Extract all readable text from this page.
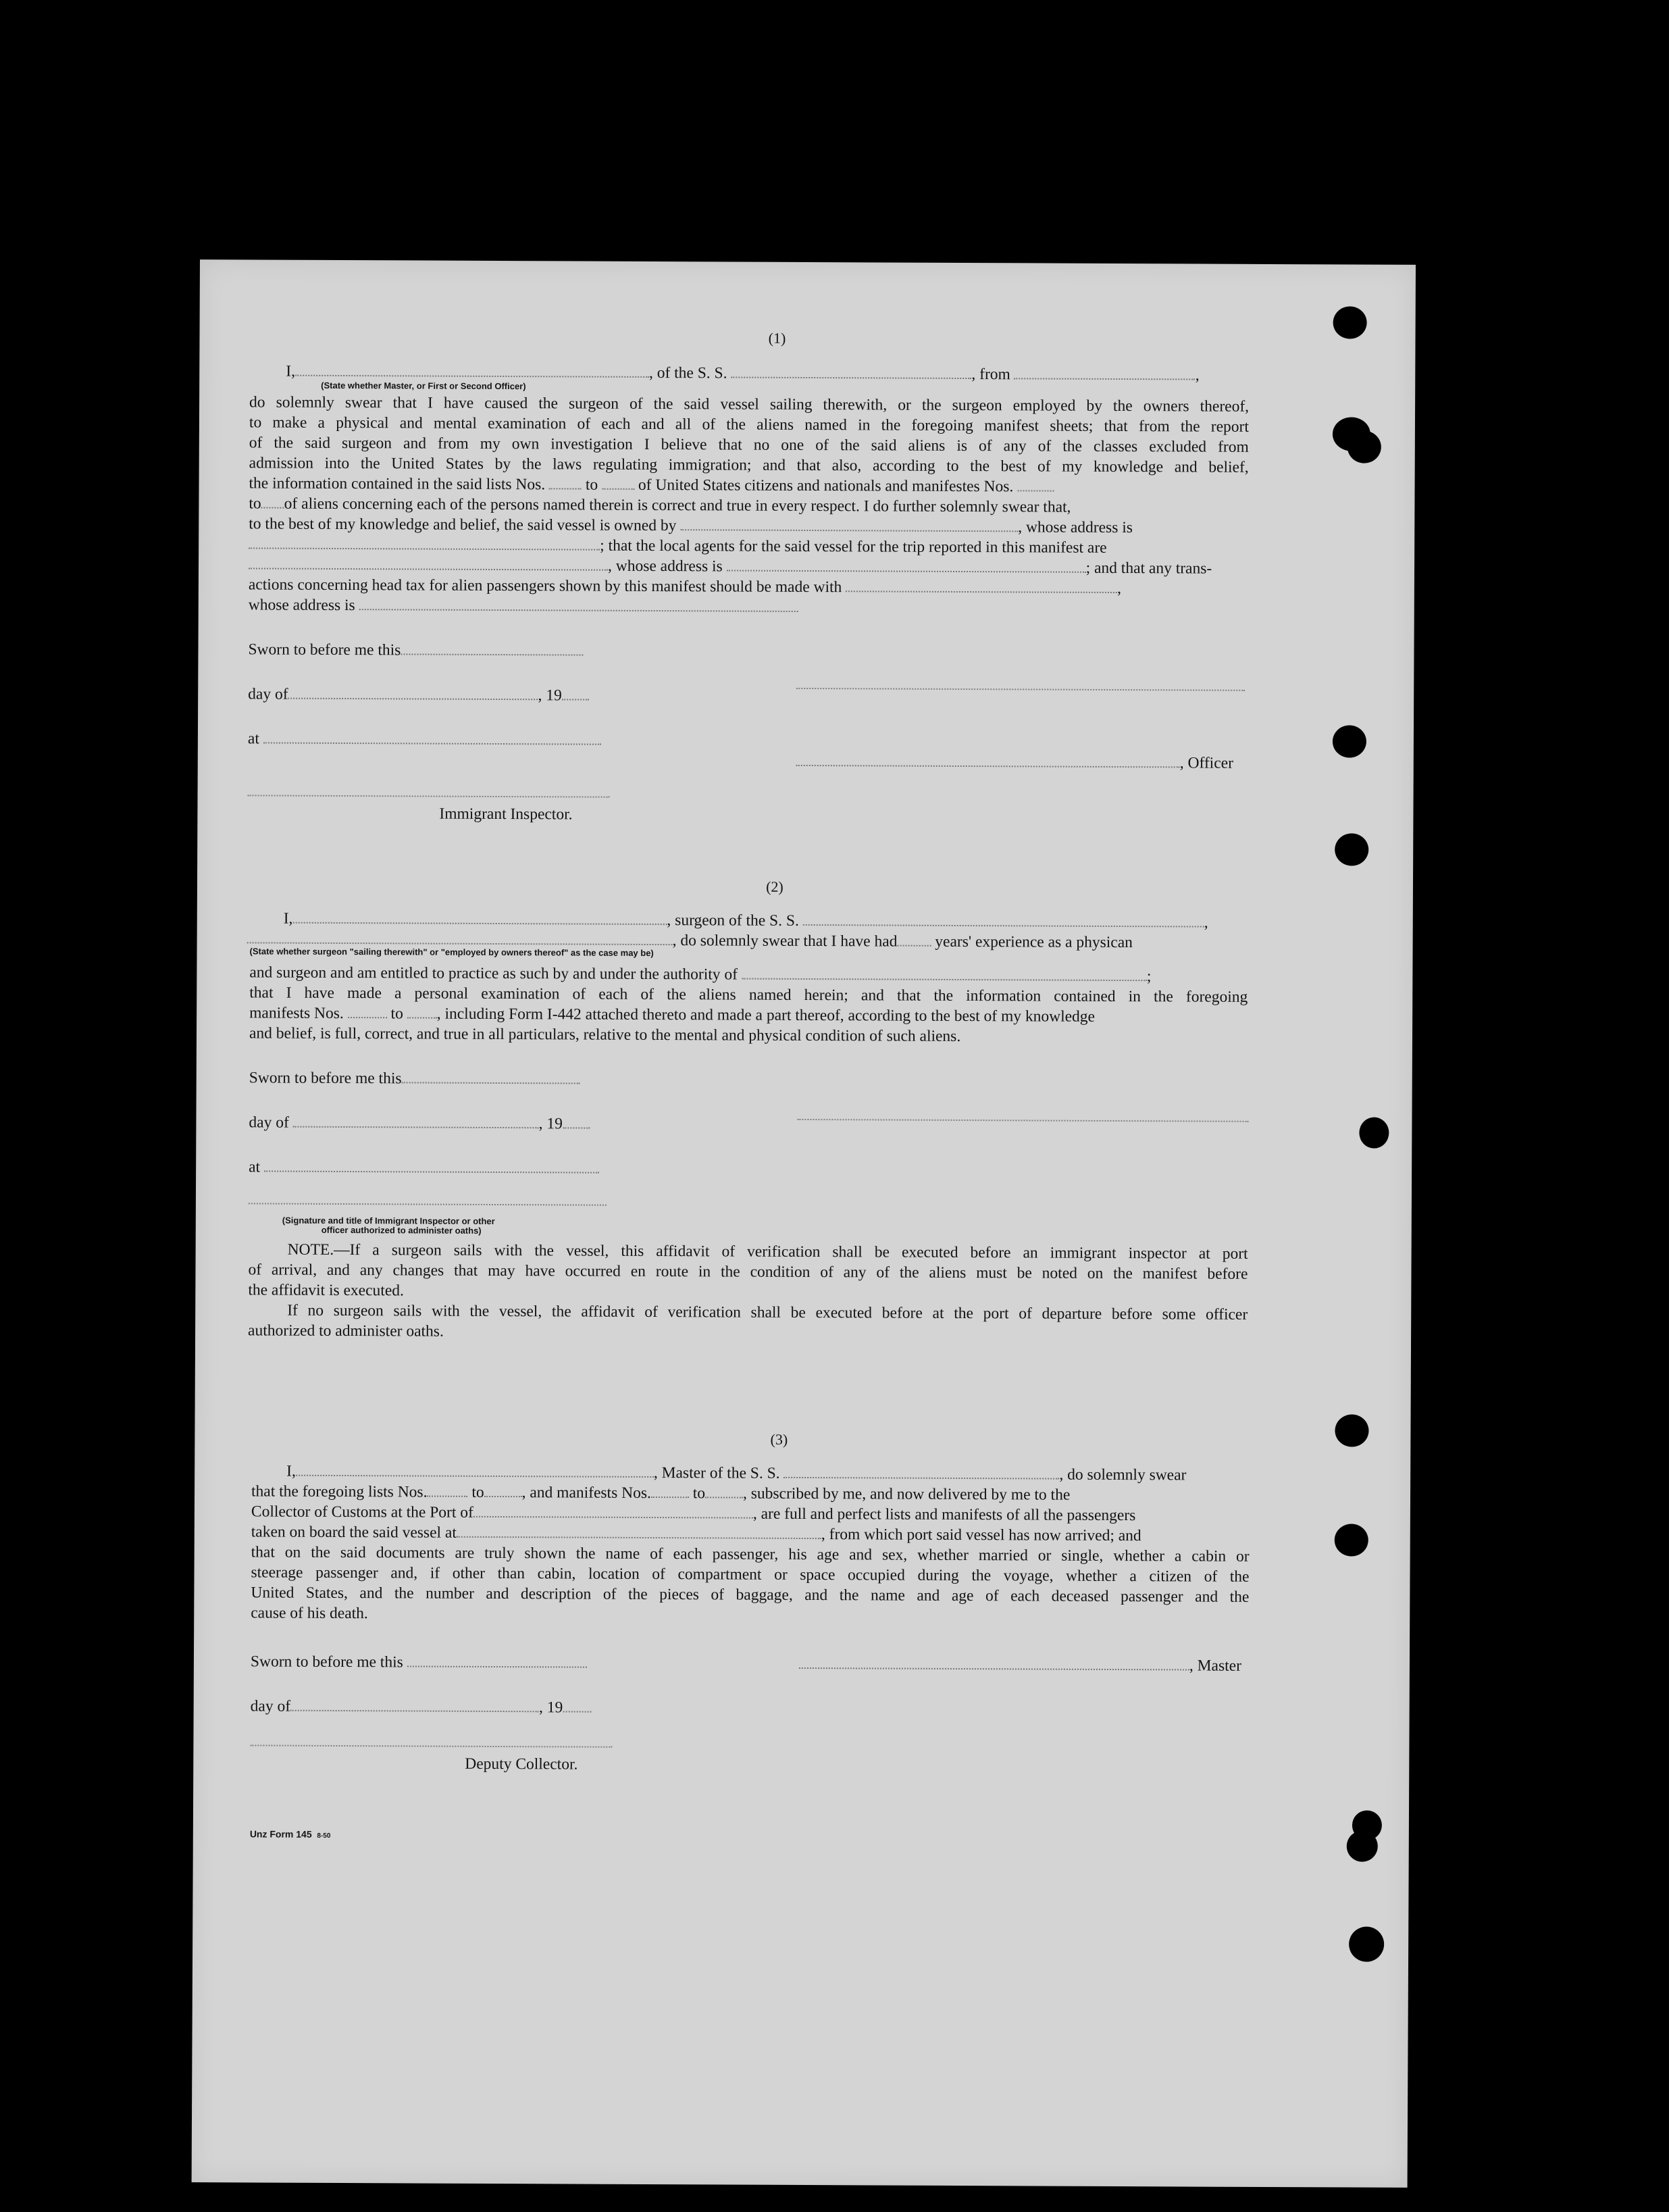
(1)
I,	, of the S. S.	, from	,
(State whether Master, or First or Second Officer)
do solemnly swear that I have caused the surgeon of the said vessel sailing therewith, or the surgeon employed by the owners thereof,
to make a physical and mental examination of each and all of the aliens named in the foregoing manifest sheets; that from the report
of the said surgeon and from my own investigation I believe that no one of the said aliens is of any of the classes excluded from
admission into the United States by the laws regulating immigration; and that also, according to the best of my knowledge and belief,
the information contained in the said lists Nos.	to	of United States citizens and nationals and manifestes Nos.
to of aliens concerning each of the persons named therein is correct and true in every respect. I do further solemnly swear that,
to the best of my knowledge and belief, the said vessel is owned by	, whose address is
; that the local agents for the said vessel for the trip reported in this manifest are
, whose address is	; and that any trans-
actions concerning head tax for alien passengers shown by this manifest should be made with	,
whose address is
Sworn to before me this
day of	, 19
at
, Officer
Immigrant Inspector.
(2)
I,	, surgeon of the S. S.	,
, do solemnly swear that I have had years' experience as a physican
(State whether surgeon "sailing therewith" or "employed by owners thereof" as the case may be)
and surgeon and am entitled to practice as such by and under the authority of	;
that I have made a personal examination of each of the aliens named herein; and that the information contained in the foregoing
manifests Nos.	to , including Form I-442 attached thereto and made a part thereof, according to the best of my knowledge
and belief, is full, correct, and true in all particulars, relative to the mental and physical condition of such aliens.
Sworn to before me this
day of	, 19
at
(Signature and title of Immigrant Inspector or other
officer authorized to administer oaths)
NOTE.—If a surgeon sails with the vessel, this affidavit of verification shall be executed before an immigrant inspector at port
of arrival, and any changes that may have occurred en route in the condition of any of the aliens must be noted on the manifest before
the affidavit is executed.
If no surgeon sails with the vessel, the affidavit of verification shall be executed before at the port of departure before some officer
authorized to administer oaths.
(3)
I,	, Master of the S. S.	, do solemnly swear
that the foregoing lists Nos.	to , and manifests Nos.	to , subscribed by me, and now delivered by me to the
Collector of Customs at the Port of	, are full and perfect lists and manifests of all the passengers
taken on board the said vessel at	, from which port said vessel has now arrived; and
that on the said documents are truly shown the name of each passenger, his age and sex, whether married or single, whether a cabin or
steerage passenger and, if other than cabin, location of compartment or space occupied during the voyage, whether a citizen of the
United States, and the number and description of the pieces of baggage, and the name and age of each deceased passenger and the
cause of his death.
Sworn to before me this	, Master
day of	, 19
Deputy Collector.
Unz Form 145 8-50
